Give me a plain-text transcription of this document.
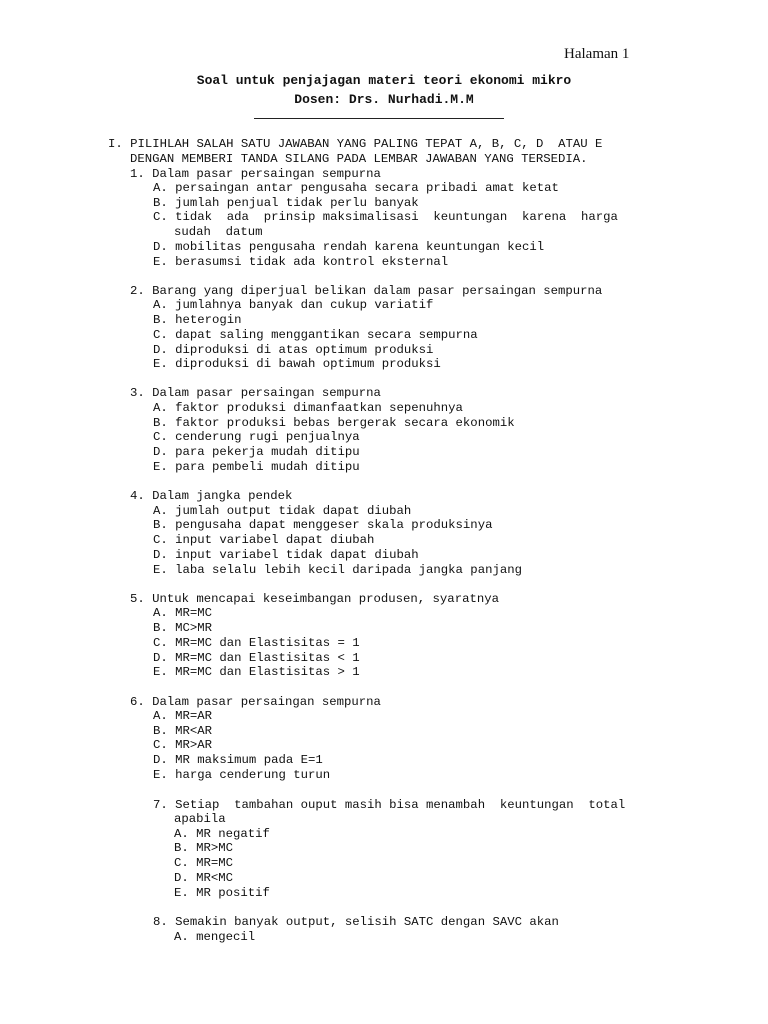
Halaman 1
Soal untuk penjajagan materi teori ekonomi mikro
Dosen: Drs. Nurhadi.M.M
I. PILIHLAH SALAH SATU JAWABAN YANG PALING TEPAT A, B, C, D  ATAU E
DENGAN MEMBERI TANDA SILANG PADA LEMBAR JAWABAN YANG TERSEDIA.
1. Dalam pasar persaingan sempurna
A. persaingan antar pengusaha secara pribadi amat ketat
B. jumlah penjual tidak perlu banyak
C. tidak  ada  prinsip maksimalisasi  keuntungan  karena  harga
sudah  datum
D. mobilitas pengusaha rendah karena keuntungan kecil
E. berasumsi tidak ada kontrol eksternal
2. Barang yang diperjual belikan dalam pasar persaingan sempurna
A. jumlahnya banyak dan cukup variatif
B. heterogin
C. dapat saling menggantikan secara sempurna
D. diproduksi di atas optimum produksi
E. diproduksi di bawah optimum produksi
3. Dalam pasar persaingan sempurna
A. faktor produksi dimanfaatkan sepenuhnya
B. faktor produksi bebas bergerak secara ekonomik
C. cenderung rugi penjualnya
D. para pekerja mudah ditipu
E. para pembeli mudah ditipu
4. Dalam jangka pendek
A. jumlah output tidak dapat diubah
B. pengusaha dapat menggeser skala produksinya
C. input variabel dapat diubah
D. input variabel tidak dapat diubah
E. laba selalu lebih kecil daripada jangka panjang
5. Untuk mencapai keseimbangan produsen, syaratnya
A. MR=MC
B. MC>MR
C. MR=MC dan Elastisitas = 1
D. MR=MC dan Elastisitas < 1
E. MR=MC dan Elastisitas > 1
6. Dalam pasar persaingan sempurna
A. MR=AR
B. MR<AR
C. MR>AR
D. MR maksimum pada E=1
E. harga cenderung turun
7. Setiap  tambahan ouput masih bisa menambah  keuntungan  total
apabila
A. MR negatif
B. MR>MC
C. MR=MC
D. MR<MC
E. MR positif
8. Semakin banyak output, selisih SATC dengan SAVC akan
A. mengecil
